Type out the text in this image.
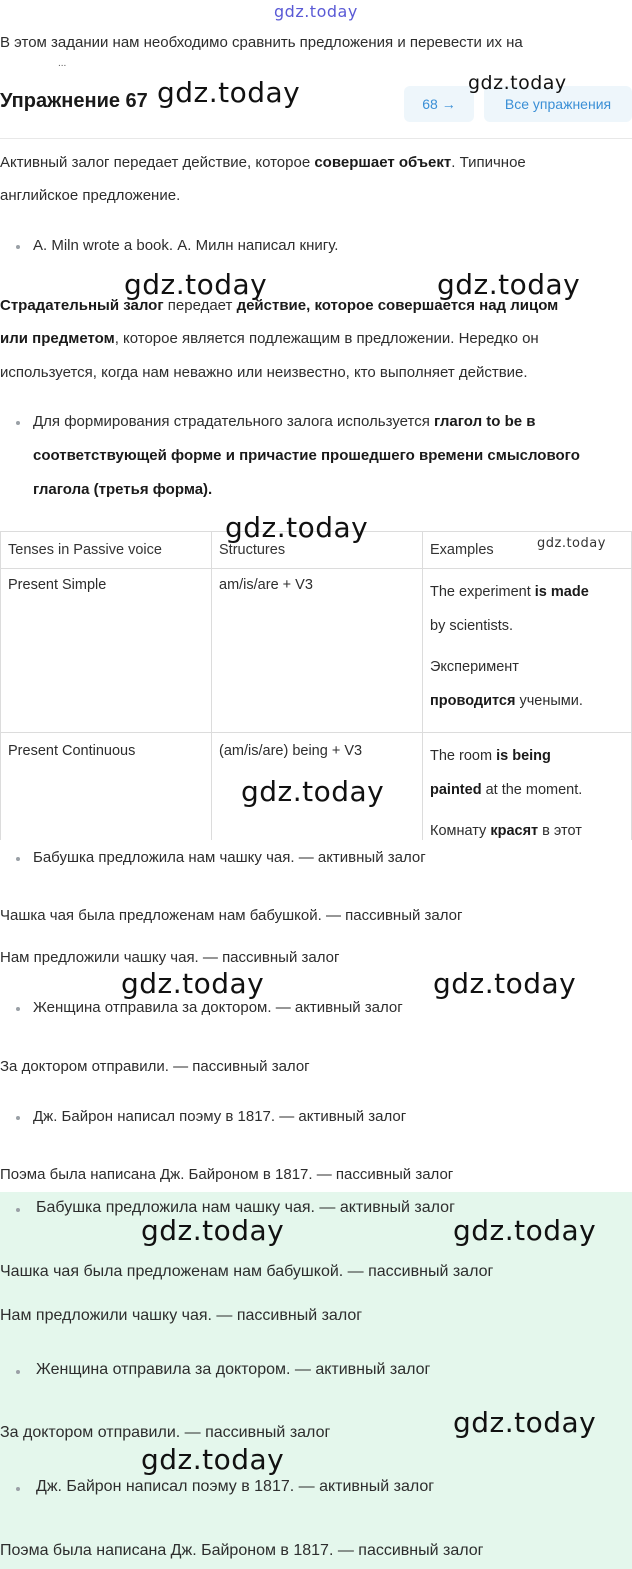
gdz.today
В этом задании нам необходимо сравнить предложения и перевести их на
...
Упражнение 67 gdz.today	68 →	Все упражнения
gdz.today
Активный залог передает действие, которое совершает объект. Типичное
английское предложение.
A. Miln wrote a book. А. Милн написал книгу.
gdz.today	gdz.today
Страдательный залог передает действие, которое совершается над лицом
или предметом, которое является подлежащим в предложении. Нередко он
используется, когда нам неважно или неизвестно, кто выполняет действие.
Для формирования страдательного залога используется глагол to be в
соответствующей форме и причастие прошедшего времени смыслового
глагола (третья форма).
Tenses in Passive voice	Structures	Examples
Present Simple	am/is/are + V3	The experiment is made

by scientists.

Эксперимент

проводится учеными.

Present Continuous	(am/is/are) being + V3	The room is being

painted at the moment.

Комнату красят в этот

gdz.today	gdz.today
gdz.today
Бабушка предложила нам чашку чая. — активный залог
Чашка чая была предложенам нам бабушкой. — пассивный залог
Нам предложили чашку чая. — пассивный залог
gdz.today	gdz.today
Женщина отправила за доктором. — активный залог
За доктором отправили. — пассивный залог
Дж. Байрон написал поэму в 1817. — активный залог
Поэма была написана Дж. Байроном в 1817. — пассивный залог
Бабушка предложила нам чашку чая. — активный залог
gdz.today	gdz.today
Чашка чая была предложенам нам бабушкой. — пассивный залог
Нам предложили чашку чая. — пассивный залог
Женщина отправила за доктором. — активный залог
gdz.today
За доктором отправили. — пассивный залог
gdz.today
Дж. Байрон написал поэму в 1817. — активный залог
Поэма была написана Дж. Байроном в 1817. — пассивный залог
